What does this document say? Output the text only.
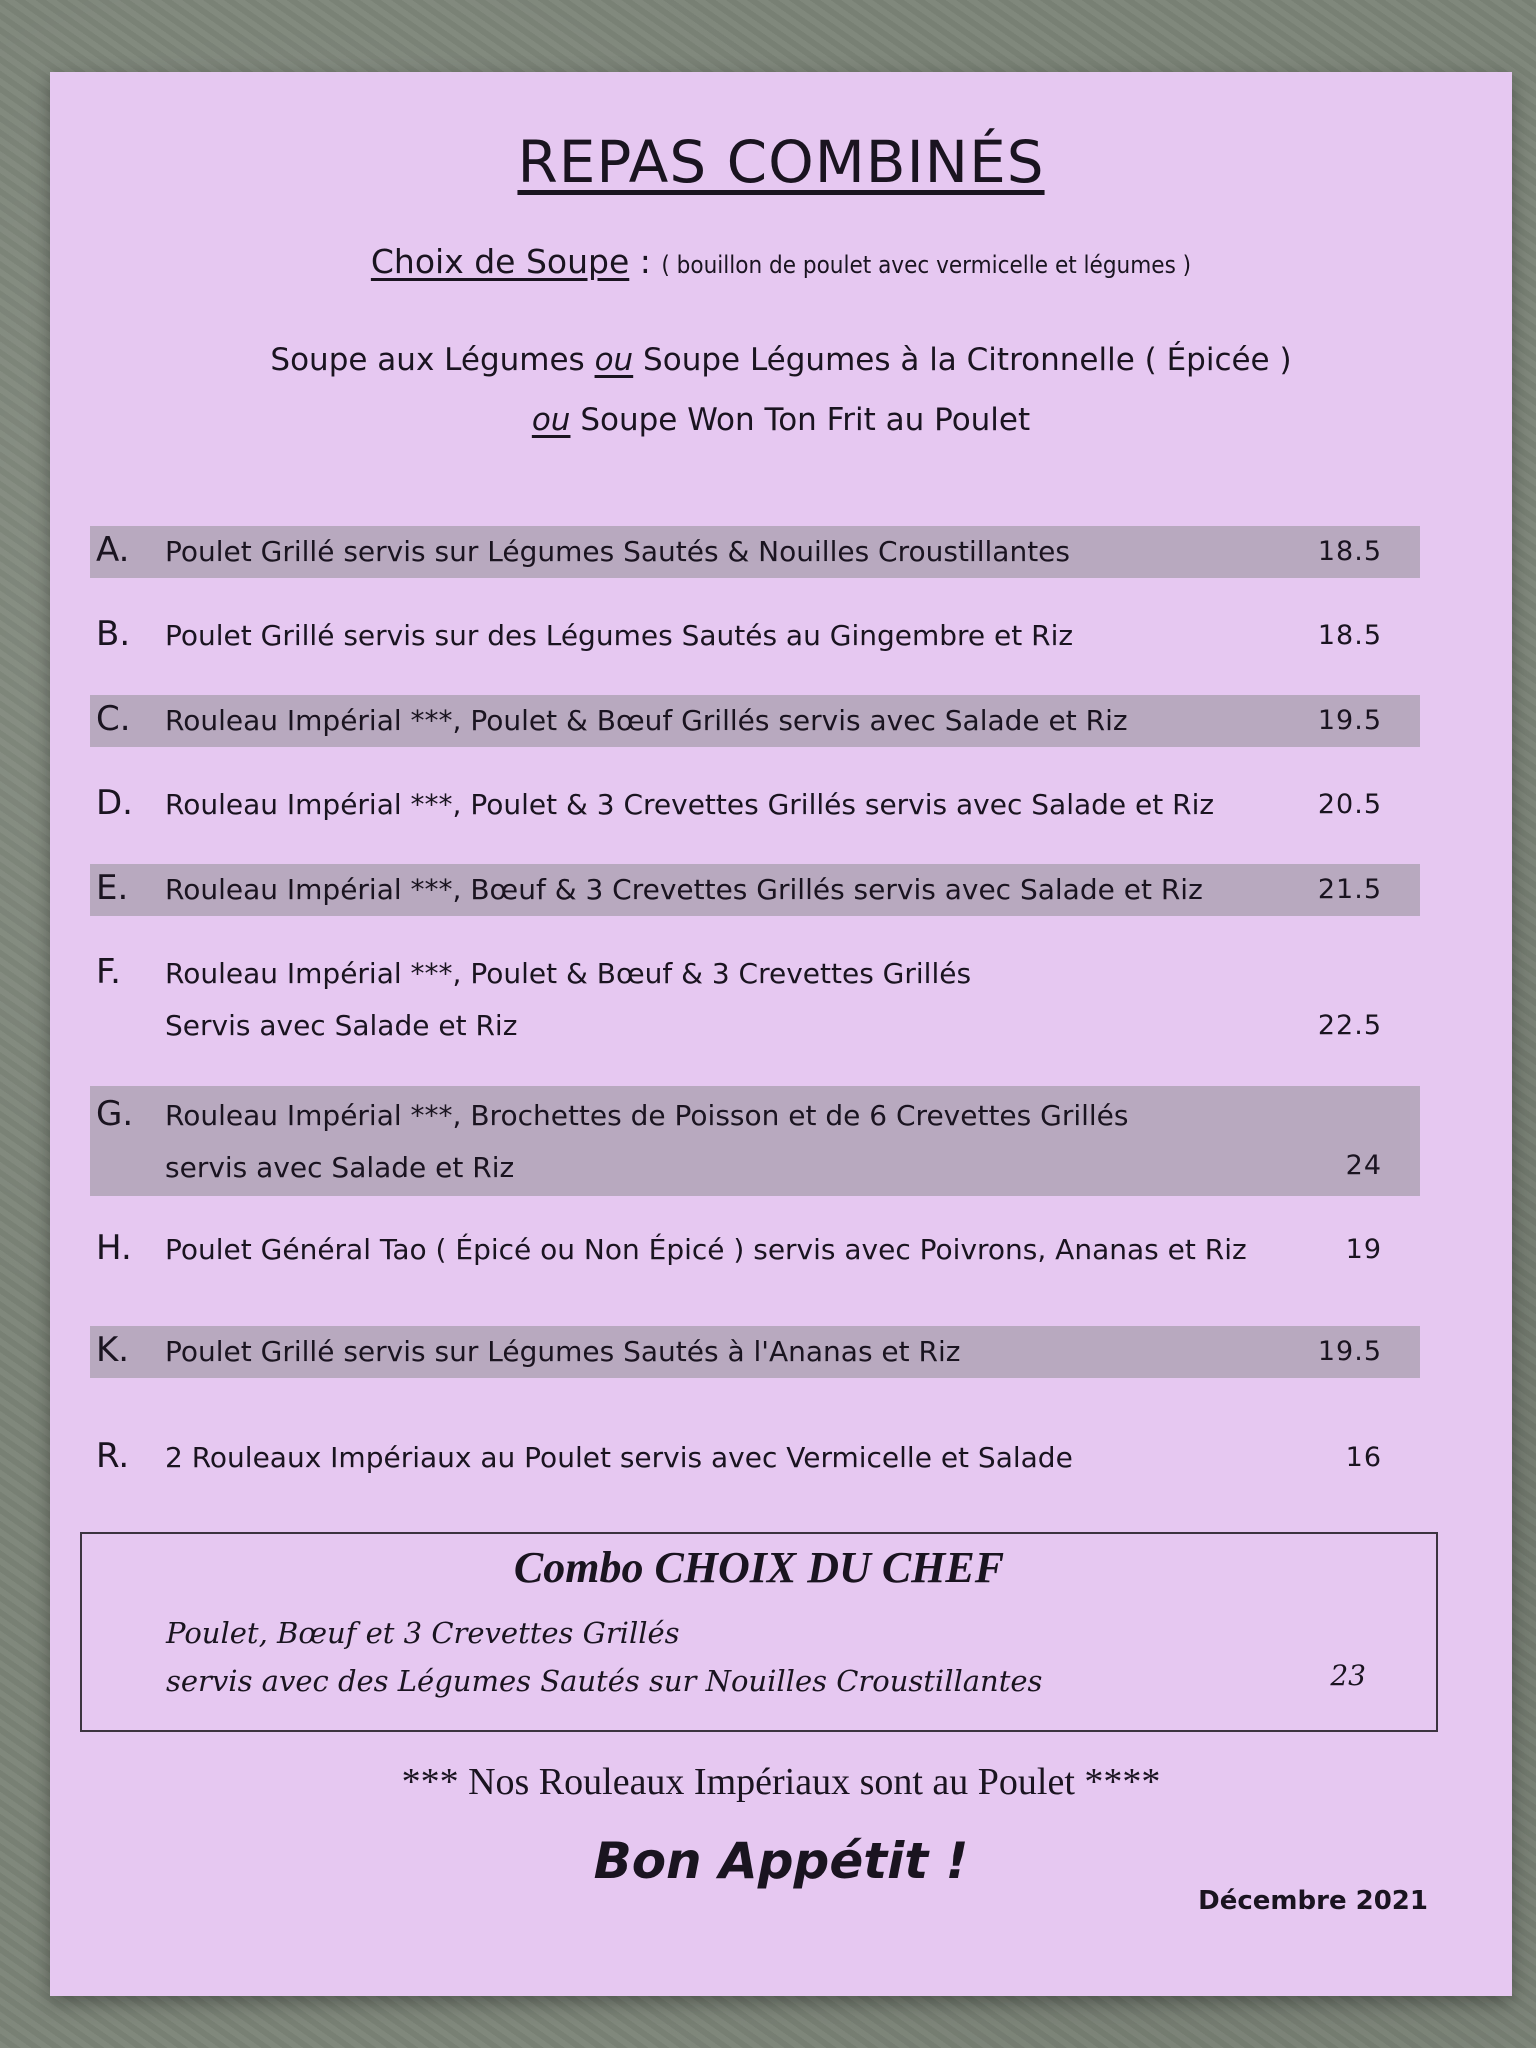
REPAS COMBINÉS
Choix de Soupe : ( bouillon de poulet avec vermicelle et légumes )
Soupe aux Légumes ou Soupe Légumes à la Citronnelle ( Épicée )
ou Soupe Won Ton Frit au Poulet
A. Poulet Grillé servis sur Légumes Sautés & Nouilles Croustillantes	18.5
B. Poulet Grillé servis sur des Légumes Sautés au Gingembre et Riz	18.5
C. Rouleau Impérial ***, Poulet & Bœuf Grillés servis avec Salade et Riz	19.5
D. Rouleau Impérial ***, Poulet & 3 Crevettes Grillés servis avec Salade et Riz	20.5
E. Rouleau Impérial ***, Bœuf & 3 Crevettes Grillés servis avec Salade et Riz	21.5
F. Rouleau Impérial ***, Poulet & Bœuf & 3 Crevettes Grillés
Servis avec Salade et Riz	22.5
G. Rouleau Impérial ***, Brochettes de Poisson et de 6 Crevettes Grillés
servis avec Salade et Riz	24
H. Poulet Général Tao ( Épicé ou Non Épicé ) servis avec Poivrons, Ananas et Riz	19
K. Poulet Grillé servis sur Légumes Sautés à l'Ananas et Riz	19.5
R. 2 Rouleaux Impériaux au Poulet servis avec Vermicelle et Salade	16
Combo CHOIX DU CHEF
Poulet, Bœuf et 3 Crevettes Grillés
servis avec des Légumes Sautés sur Nouilles Croustillantes	23
*** Nos Rouleaux Impériaux sont au Poulet ****
Bon Appétit !
Décembre 2021
